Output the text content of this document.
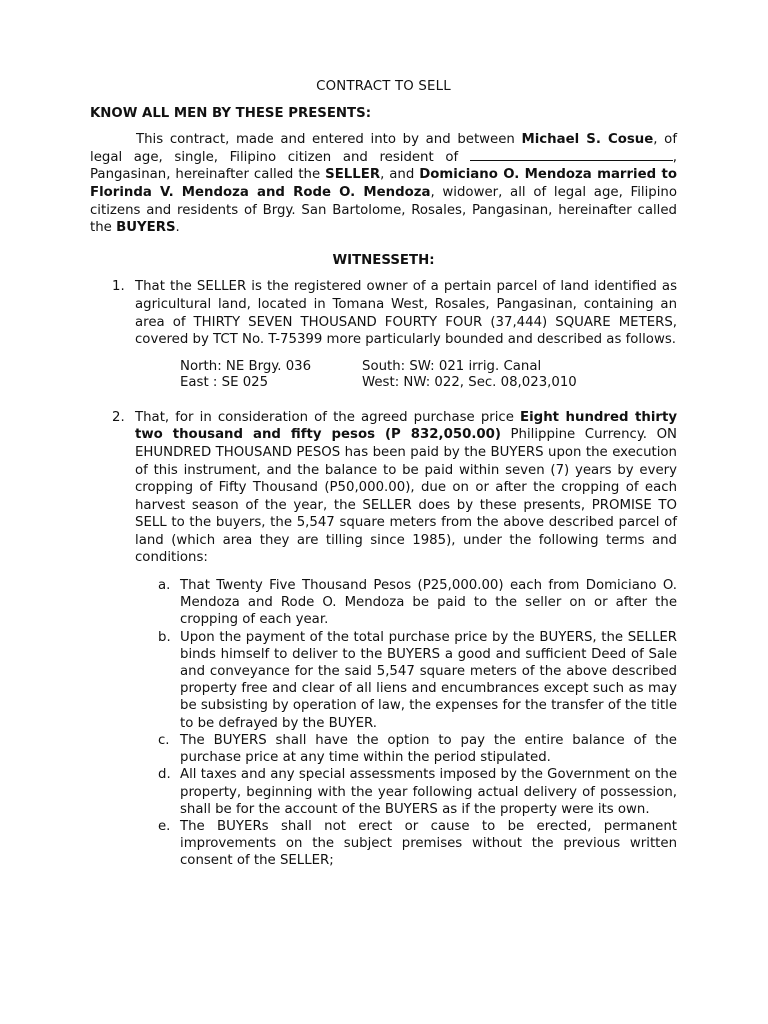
CONTRACT TO SELL
KNOW ALL MEN BY THESE PRESENTS:

This contract, made and entered into by and between Michael S. Cosue, of legal age, single, Filipino citizen and resident of	, Pangasinan, hereinafter called the SELLER, and Domiciano O. Mendoza married to Florinda V. Mendoza and Rode O. Mendoza, widower, all of legal age, Filipino citizens and residents of Brgy. San Bartolome, Rosales, Pangasinan, hereinafter called the BUYERS.

WITNESSETH:
1. That the SELLER is the registered owner of a pertain parcel of land identified as agricultural land, located in Tomana West, Rosales, Pangasinan, containing an area of THIRTY SEVEN THOUSAND FOURTY FOUR (37,444) SQUARE METERS, covered by TCT No. T-75399 more particularly bounded and described as follows.
North: NE Brgy. 036	South: SW: 021 irrig. Canal
East : SE 025	West: NW: 022, Sec. 08,023,010
2. That, for in consideration of the agreed purchase price Eight hundred thirty two thousand and fifty pesos (P 832,050.00) Philippine Currency. ON EHUNDRED THOUSAND PESOS has been paid by the BUYERS upon the execution of this instrument, and the balance to be paid within seven (7) years by every cropping of Fifty Thousand (P50,000.00), due on or after the cropping of each harvest season of the year, the SELLER does by these presents, PROMISE TO SELL to the buyers, the 5,547 square meters from the above described parcel of land (which area they are tilling since 1985), under the following terms and conditions:
a. That Twenty Five Thousand Pesos (P25,000.00) each from Domiciano O. Mendoza and Rode O. Mendoza be paid to the seller on or after the cropping of each year.
b. Upon the payment of the total purchase price by the BUYERS, the SELLER binds himself to deliver to the BUYERS a good and sufficient Deed of Sale and conveyance for the said 5,547 square meters of the above described property free and clear of all liens and encumbrances except such as may be subsisting by operation of law, the expenses for the transfer of the title to be defrayed by the BUYER.
c. The BUYERS shall have the option to pay the entire balance of the purchase price at any time within the period stipulated.
d. All taxes and any special assessments imposed by the Government on the property, beginning with the year following actual delivery of possession, shall be for the account of the BUYERS as if the property were its own.
e. The BUYERs shall not erect or cause to be erected, permanent improvements on the subject premises without the previous written consent of the SELLER;
